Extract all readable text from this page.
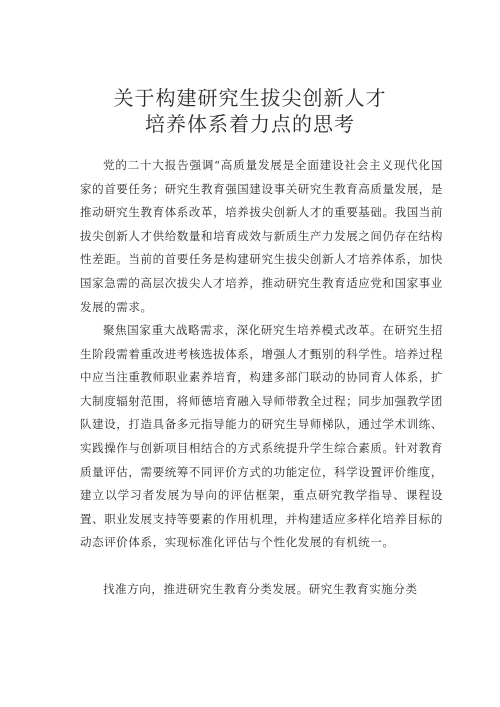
关于构建研究生拔尖创新人才
培养体系着力点的思考

党的二十大报告强调“高质量发展是全面建设社会主义现代化国家的首要任务；研究生教育强国建设事关研究生教育高质量发展，是推动研究生教育体系改革，培养拔尖创新人才的重要基础。我国当前拔尖创新人才供给数量和培育成效与新质生产力发展之间仍存在结构性差距。当前的首要任务是构建研究生拔尖创新人才培养体系，加快国家急需的高层次拔尖人才培养，推动研究生教育适应党和国家事业发展的需求。

聚焦国家重大战略需求，深化研究生培养模式改革。在研究生招生阶段需着重改进考核选拔体系，增强人才甄别的科学性。培养过程中应当注重教师职业素养培育，构建多部门联动的协同育人体系，扩大制度辐射范围，将师德培育融入导师带教全过程；同步加强教学团队建设，打造具备多元指导能力的研究生导师梯队，通过学术训练、实践操作与创新项目相结合的方式系统提升学生综合素质。针对教育质量评估，需要统筹不同评价方式的功能定位，科学设置评价维度，建立以学习者发展为导向的评估框架，重点研究教学指导、课程设置、职业发展支持等要素的作用机理，并构建适应多样化培养目标的动态评价体系，实现标准化评估与个性化发展的有机统一。

找准方向，推进研究生教育分类发展。研究生教育实施分类
